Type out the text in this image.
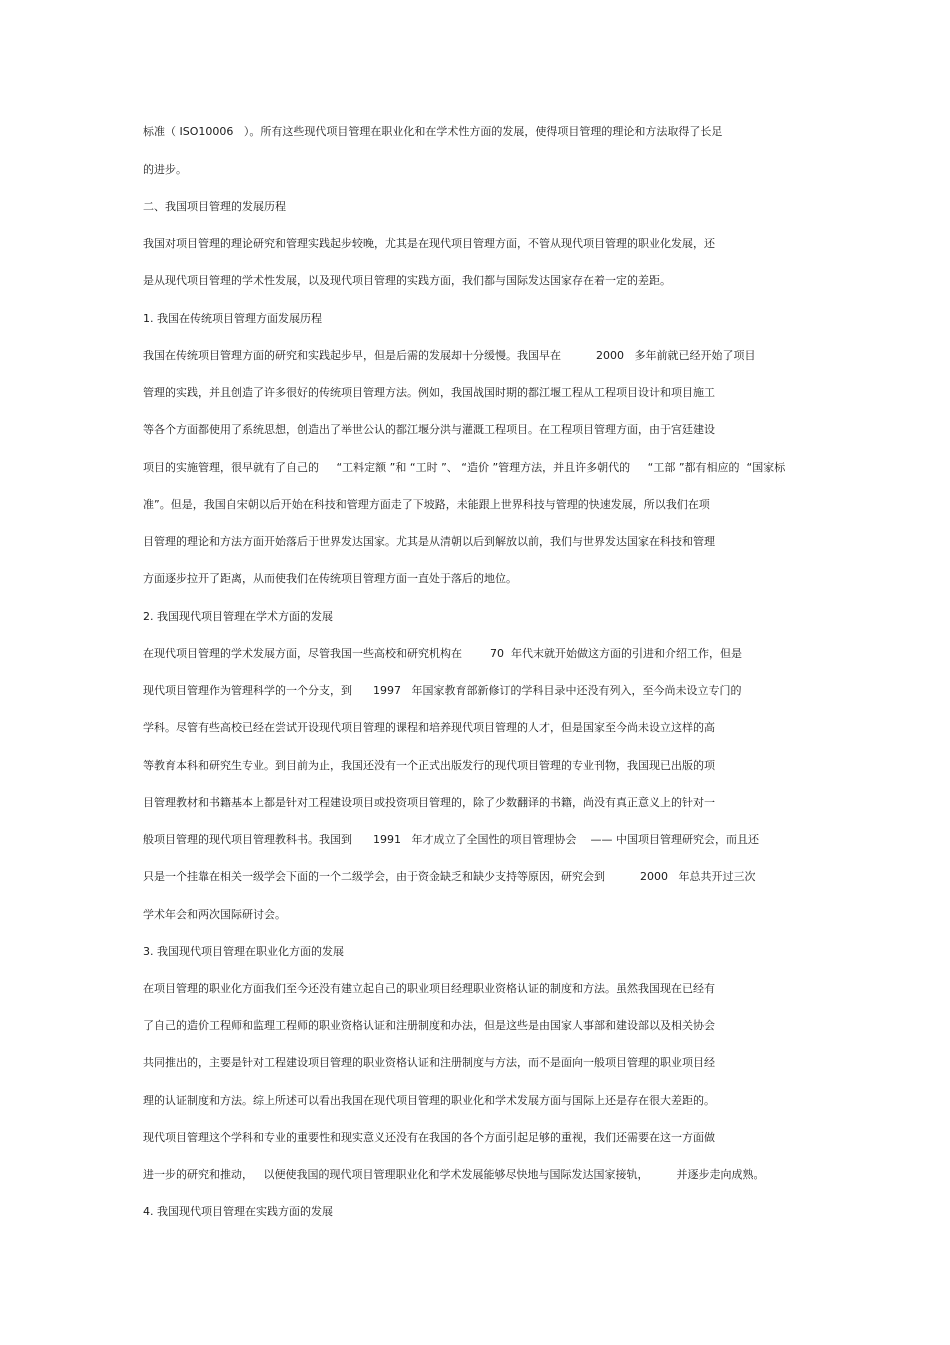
标准（ ISO10006   ）。所有这些现代项目管理在职业化和在学术性方面的发展，使得项目管理的理论和方法取得了长足

的进步。

二、我国项目管理的发展历程

我国对项目管理的理论研究和管理实践起步较晚，尤其是在现代项目管理方面，不管从现代项目管理的职业化发展，还

是从现代项目管理的学术性发展，以及现代项目管理的实践方面，我们都与国际发达国家存在着一定的差距。

1. 我国在传统项目管理方面发展历程

我国在传统项目管理方面的研究和实践起步早，但是后需的发展却十分缓慢。我国早在          2000   多年前就已经开始了项目

管理的实践，并且创造了许多很好的传统项目管理方法。例如，我国战国时期的都江堰工程从工程项目设计和项目施工

等各个方面都使用了系统思想，创造出了举世公认的都江堰分洪与灌溉工程项目。在工程项目管理方面，由于宫廷建设

项目的实施管理，很早就有了自己的     “工料定额 ”和 “工时 ”、 “造价 ”管理方法，并且许多朝代的     “工部 ”都有相应的  “国家标

准”。但是，我国自宋朝以后开始在科技和管理方面走了下坡路，未能跟上世界科技与管理的快速发展，所以我们在项

目管理的理论和方法方面开始落后于世界发达国家。尤其是从清朝以后到解放以前，我们与世界发达国家在科技和管理

方面逐步拉开了距离，从而使我们在传统项目管理方面一直处于落后的地位。

2. 我国现代项目管理在学术方面的发展

在现代项目管理的学术发展方面，尽管我国一些高校和研究机构在        70  年代末就开始做这方面的引进和介绍工作，但是

现代项目管理作为管理科学的一个分支，到      1997   年国家教育部新修订的学科目录中还没有列入，至今尚未设立专门的

学科。尽管有些高校已经在尝试开设现代项目管理的课程和培养现代项目管理的人才，但是国家至今尚未设立这样的高

等教育本科和研究生专业。到目前为止，我国还没有一个正式出版发行的现代项目管理的专业刊物，我国现已出版的项

目管理教材和书籍基本上都是针对工程建设项目或投资项目管理的，除了少数翻译的书籍，尚没有真正意义上的针对一

般项目管理的现代项目管理教科书。我国到      1991   年才成立了全国性的项目管理协会    —— 中国项目管理研究会，而且还

只是一个挂靠在相关一级学会下面的一个二级学会，由于资金缺乏和缺少支持等原因，研究会到          2000   年总共开过三次

学术年会和两次国际研讨会。

3. 我国现代项目管理在职业化方面的发展

在项目管理的职业化方面我们至今还没有建立起自己的职业项目经理职业资格认证的制度和方法。虽然我国现在已经有

了自己的造价工程师和监理工程师的职业资格认证和注册制度和办法，但是这些是由国家人事部和建设部以及相关协会

共同推出的，主要是针对工程建设项目管理的职业资格认证和注册制度与方法，而不是面向一般项目管理的职业项目经

理的认证制度和方法。综上所述可以看出我国在现代项目管理的职业化和学术发展方面与国际上还是存在很大差距的。

现代项目管理这个学科和专业的重要性和现实意义还没有在我国的各个方面引起足够的重视，我们还需要在这一方面做

进一步的研究和推动，   以便使我国的现代项目管理职业化和学术发展能够尽快地与国际发达国家接轨，        并逐步走向成熟。

4. 我国现代项目管理在实践方面的发展
